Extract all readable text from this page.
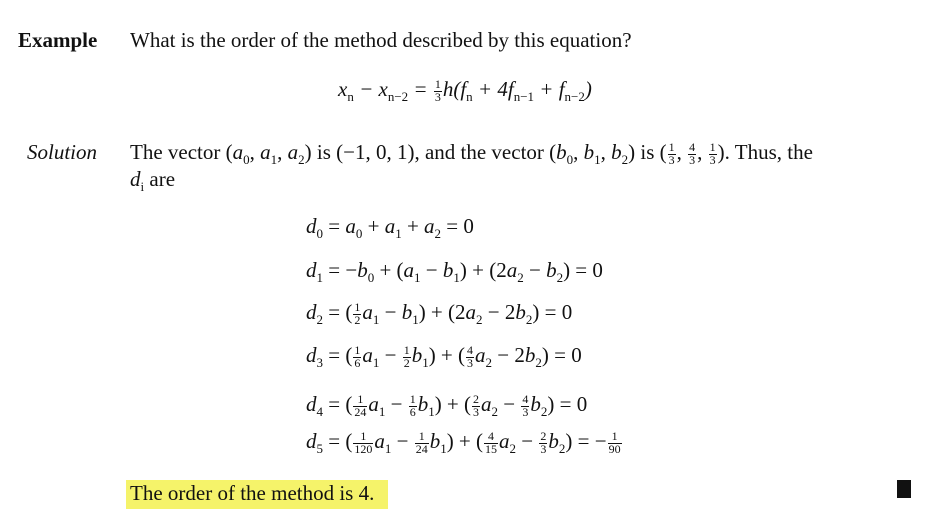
Example What is the order of the method described by this equation?
$x_n - x_{n-2} = \frac{1}{3} h(f_n + 4f_{n-1} + f_{n-2})$
Solution The vector ($a_0$, $a_1$, $a_2$) is (−1, 0, 1), and the vector ($b_0$, $b_1$, $b_2$) is ( $\frac{1}{3}$ , $\frac{4}{3}$ , $\frac{1}{3}$ ). Thus, the
$d_i$ are
$d_0 = a_0 + a_1 + a_2 = 0$
$d_1 = -b_0 + (a_1 - b_1) + (2a_2 - b_2) = 0$
$d_2$ = ( $\frac{1}{2} a_1 - b_1) + (2a_2 - 2b_2) = 0$
$d_3$ = ( $\frac{1}{6} a_1 - \frac{1}{2} b_1$) + ( $\frac{4}{3} a_2 - 2b_2) = 0$
$d_4$ = ( $\frac{1}{24} a_1 - \frac{1}{6} b_1$) + ( $\frac{2}{3} a_2 - \frac{4}{3} b_2) = 0$
$d_5$ = ( $\frac{1}{120} a_1 - \frac{1}{24} b_1$) + ( $\frac{4}{15} a_2 - \frac{2}{3} b_2$) = − $\frac{1}{90}$
The order of the method is 4.
